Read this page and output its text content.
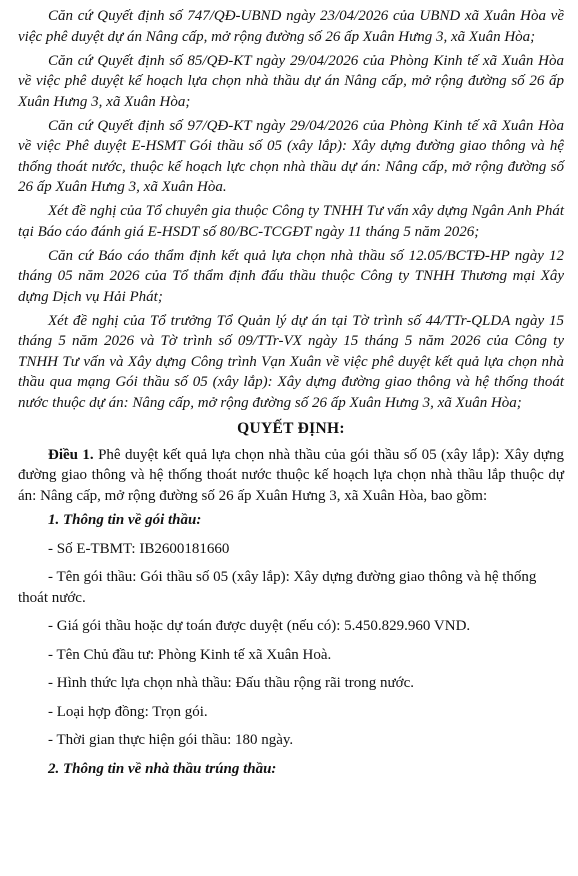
Căn cứ Quyết định số 747/QĐ-UBND ngày 23/04/2026 của UBND xã Xuân Hòa về việc phê duyệt dự án Nâng cấp, mở rộng đường số 26 ấp Xuân Hưng 3, xã Xuân Hòa;

Căn cứ Quyết định số 85/QĐ-KT ngày 29/04/2026 của Phòng Kinh tế xã Xuân Hòa về việc phê duyệt kế hoạch lựa chọn nhà thầu dự án Nâng cấp, mở rộng đường số 26 ấp Xuân Hưng 3, xã Xuân Hòa;

Căn cứ Quyết định số 97/QĐ-KT ngày 29/04/2026 của Phòng Kinh tế xã Xuân Hòa về việc Phê duyệt E-HSMT Gói thầu số 05 (xây lắp): Xây dựng đường giao thông và hệ thống thoát nước, thuộc kế hoạch lực chọn nhà thầu dự án: Nâng cấp, mở rộng đường số 26 ấp Xuân Hưng 3, xã Xuân Hòa.

Xét đề nghị của Tổ chuyên gia thuộc Công ty TNHH Tư vấn xây dựng Ngân Anh Phát tại Báo cáo đánh giá E-HSDT số 80/BC-TCGĐT ngày 11 tháng 5 năm 2026;

Căn cứ Báo cáo thẩm định kết quả lựa chọn nhà thầu số 12.05/BCTĐ-HP ngày 12 tháng 05 năm 2026 của Tổ thẩm định đấu thầu thuộc Công ty TNHH Thương mại Xây dựng Dịch vụ Hải Phát;

Xét đề nghị của Tổ trưởng Tổ Quản lý dự án tại Tờ trình số 44/TTr-QLDA ngày 15 tháng 5 năm 2026 và Tờ trình số 09/TTr-VX ngày 15 tháng 5 năm 2026 của Công ty TNHH Tư vấn và Xây dựng Công trình Vạn Xuân về việc phê duyệt kết quả lựa chọn nhà thầu qua mạng Gói thầu số 05 (xây lắp): Xây dựng đường giao thông và hệ thống thoát nước thuộc dự án: Nâng cấp, mở rộng đường số 26 ấp Xuân Hưng 3, xã Xuân Hòa;

QUYẾT ĐỊNH:

Điều 1. Phê duyệt kết quả lựa chọn nhà thầu của gói thầu số 05 (xây lắp): Xây dựng đường giao thông và hệ thống thoát nước thuộc kế hoạch lựa chọn nhà thầu lắp thuộc dự án: Nâng cấp, mở rộng đường số 26 ấp Xuân Hưng 3, xã Xuân Hòa, bao gồm:

1. Thông tin về gói thầu:
- Số E-TBMT: IB2600181660
- Tên gói thầu: Gói thầu số 05 (xây lắp): Xây dựng đường giao thông và hệ thống thoát nước.
- Giá gói thầu hoặc dự toán được duyệt (nếu có): 5.450.829.960 VND.
- Tên Chủ đầu tư: Phòng Kinh tế xã Xuân Hoà.
- Hình thức lựa chọn nhà thầu: Đấu thầu rộng rãi trong nước.
- Loại hợp đồng: Trọn gói.
- Thời gian thực hiện gói thầu: 180 ngày.
2. Thông tin về nhà thầu trúng thầu:
